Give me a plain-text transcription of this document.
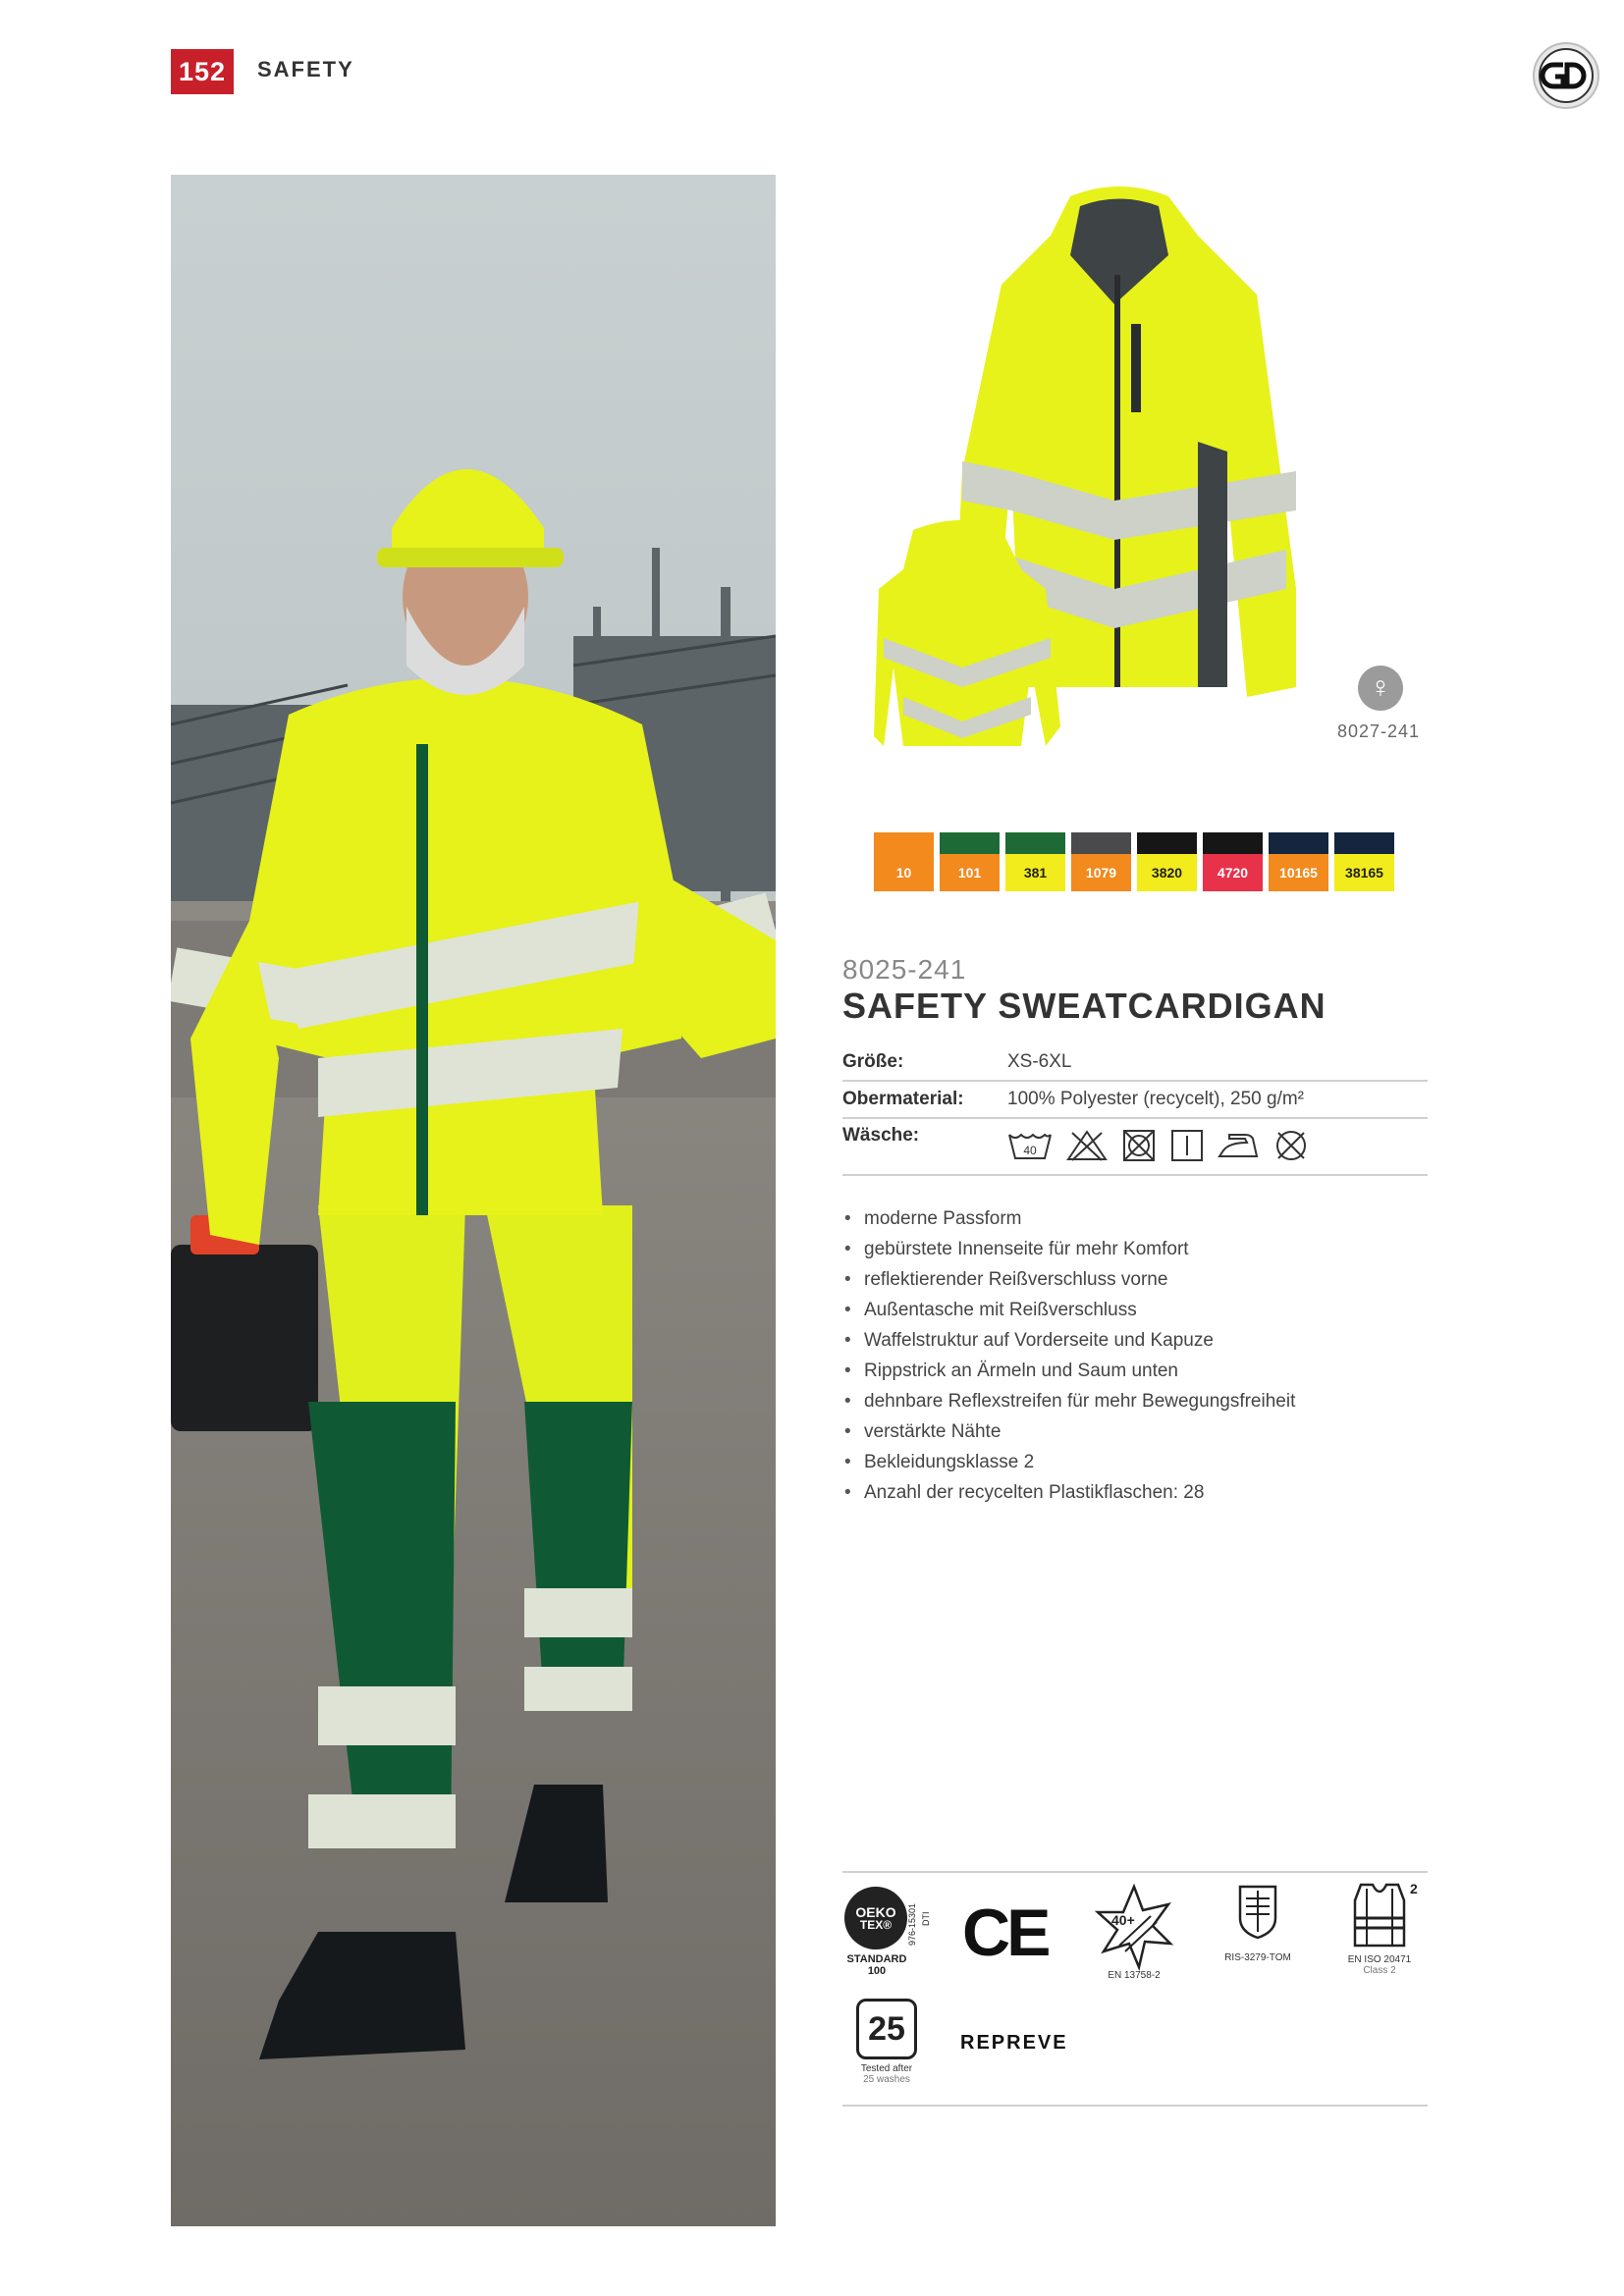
152	SAFETY
♀
8027-241
10	101	381	1079	3820	4720	10165	38165
8025-241
SAFETY SWEATCARDIGAN
Größe:	XS-6XL
Obermaterial:	100% Polyester (recycelt), 250 g/m²
Wäsche:
40
• moderne Passform
• gebürstete Innenseite für mehr Komfort
• reflektierender Reißverschluss vorne
• Außentasche mit Reißverschluss
• Waffelstruktur auf Vorderseite und Kapuze
• Rippstrick an Ärmeln und Saum unten
• dehnbare Reflexstreifen für mehr Bewegungsfreiheit
• verstärkte Nähte
• Bekleidungsklasse 2
• Anzahl der recycelten Plastikflaschen: 28
OEKO
TEX®
STANDARD
100
976-15301 DTI CE	40+
EN 13758-2
RIS-3279-TOM
2
EN ISO 20471
Class 2
25
Tested after
25 washes
REPREVE
